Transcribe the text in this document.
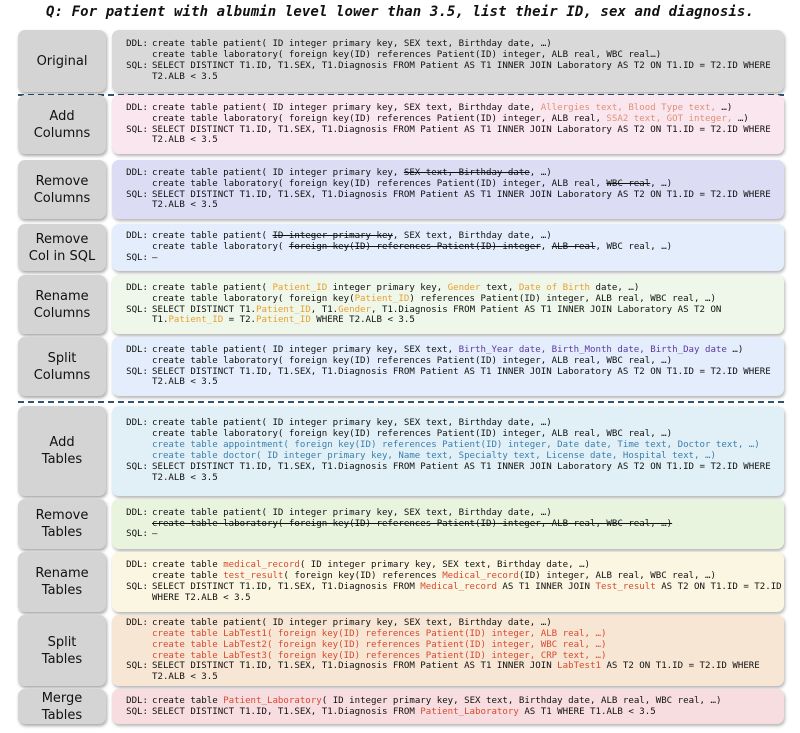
Q: For patient with albumin level lower than 3.5, list their ID, sex and diagnosis.
Original
DDL: create table patient( ID integer primary key, SEX text, Birthday date, …)
create table laboratory( foreign key(ID) references Patient(ID) integer, ALB real, WBC real…)
SQL: SELECT DISTINCT T1.ID, T1.SEX, T1.Diagnosis FROM Patient AS T1 INNER JOIN Laboratory AS T2 ON T1.ID = T2.ID WHERE
T2.ALB < 3.5
Add
Columns
DDL: create table patient( ID integer primary key, SEX text, Birthday date, Allergies text, Blood Type text, …)
create table laboratory( foreign key(ID) references Patient(ID) integer, ALB real, SSA2 text, GOT integer, …)
SQL: SELECT DISTINCT T1.ID, T1.SEX, T1.Diagnosis FROM Patient AS T1 INNER JOIN Laboratory AS T2 ON T1.ID = T2.ID WHERE
T2.ALB < 3.5
Remove
Columns
DDL: create table patient( ID integer primary key, SEX text, Birthday date, …)
create table laboratory( foreign key(ID) references Patient(ID) integer, ALB real, WBC real, …)
SQL: SELECT DISTINCT T1.ID, T1.SEX, T1.Diagnosis FROM Patient AS T1 INNER JOIN Laboratory AS T2 ON T1.ID = T2.ID WHERE
T2.ALB < 3.5
Remove
Col in SQL
DDL: create table patient( ID integer primary key, SEX text, Birthday date, …)
create table laboratory( foreign key(ID) references Patient(ID) integer, ALB real, WBC real, …)
SQL: –
Rename
Columns
DDL: create table patient( Patient_ID integer primary key, Gender text, Date of Birth date, …)
create table laboratory( foreign key(Patient_ID) references Patient(ID) integer, ALB real, WBC real, …)
SQL: SELECT DISTINCT T1.Patient_ID, T1.Gender, T1.Diagnosis FROM Patient AS T1 INNER JOIN Laboratory AS T2 ON
T1.Patient_ID = T2.Patient_ID WHERE T2.ALB < 3.5
Split
Columns
DDL: create table patient( ID integer primary key, SEX text, Birth_Year date, Birth_Month date, Birth_Day date …)
create table laboratory( foreign key(ID) references Patient(ID) integer, ALB real, WBC real, …)
SQL: SELECT DISTINCT T1.ID, T1.SEX, T1.Diagnosis FROM Patient AS T1 INNER JOIN Laboratory AS T2 ON T1.ID = T2.ID WHERE
T2.ALB < 3.5
Add
Tables
DDL: create table patient( ID integer primary key, SEX text, Birthday date, …)
create table laboratory( foreign key(ID) references Patient(ID) integer, ALB real, WBC real, …)
create table appointment( foreign key(ID) references Patient(ID) integer, Date date, Time text, Doctor text, …)
create table doctor( ID integer primary key, Name text, Specialty text, License date, Hospital text, …)
SQL: SELECT DISTINCT T1.ID, T1.SEX, T1.Diagnosis FROM Patient AS T1 INNER JOIN Laboratory AS T2 ON T1.ID = T2.ID WHERE
T2.ALB < 3.5
Remove
Tables
DDL: create table patient( ID integer primary key, SEX text, Birthday date, …)
create table laboratory( foreign key(ID) references Patient(ID) integer, ALB real, WBC real, …)
SQL: –
Rename
Tables
DDL: create table medical_record( ID integer primary key, SEX text, Birthday date, …)
create table test_result( foreign key(ID) references Medical_record(ID) integer, ALB real, WBC real, …)
SQL: SELECT DISTINCT T1.ID, T1.SEX, T1.Diagnosis FROM Medical_record AS T1 INNER JOIN Test_result AS T2 ON T1.ID = T2.ID
WHERE T2.ALB < 3.5
Split
Tables
DDL: create table patient( ID integer primary key, SEX text, Birthday date, …)
create table LabTest1( foreign key(ID) references Patient(ID) integer, ALB real, …)
create table LabTest2( foreign key(ID) references Patient(ID) integer, WBC real, …)
create table LabTest3( foreign key(ID) references Patient(ID) integer, CRP text, …)
SQL: SELECT DISTINCT T1.ID, T1.SEX, T1.Diagnosis FROM Patient AS T1 INNER JOIN LabTest1 AS T2 ON T1.ID = T2.ID WHERE
T2.ALB < 3.5
Merge
Tables
DDL: create table Patient_Laboratory( ID integer primary key, SEX text, Birthday date, ALB real, WBC real, …)
SQL: SELECT DISTINCT T1.ID, T1.SEX, T1.Diagnosis FROM Patient_Laboratory AS T1 WHERE T1.ALB < 3.5
